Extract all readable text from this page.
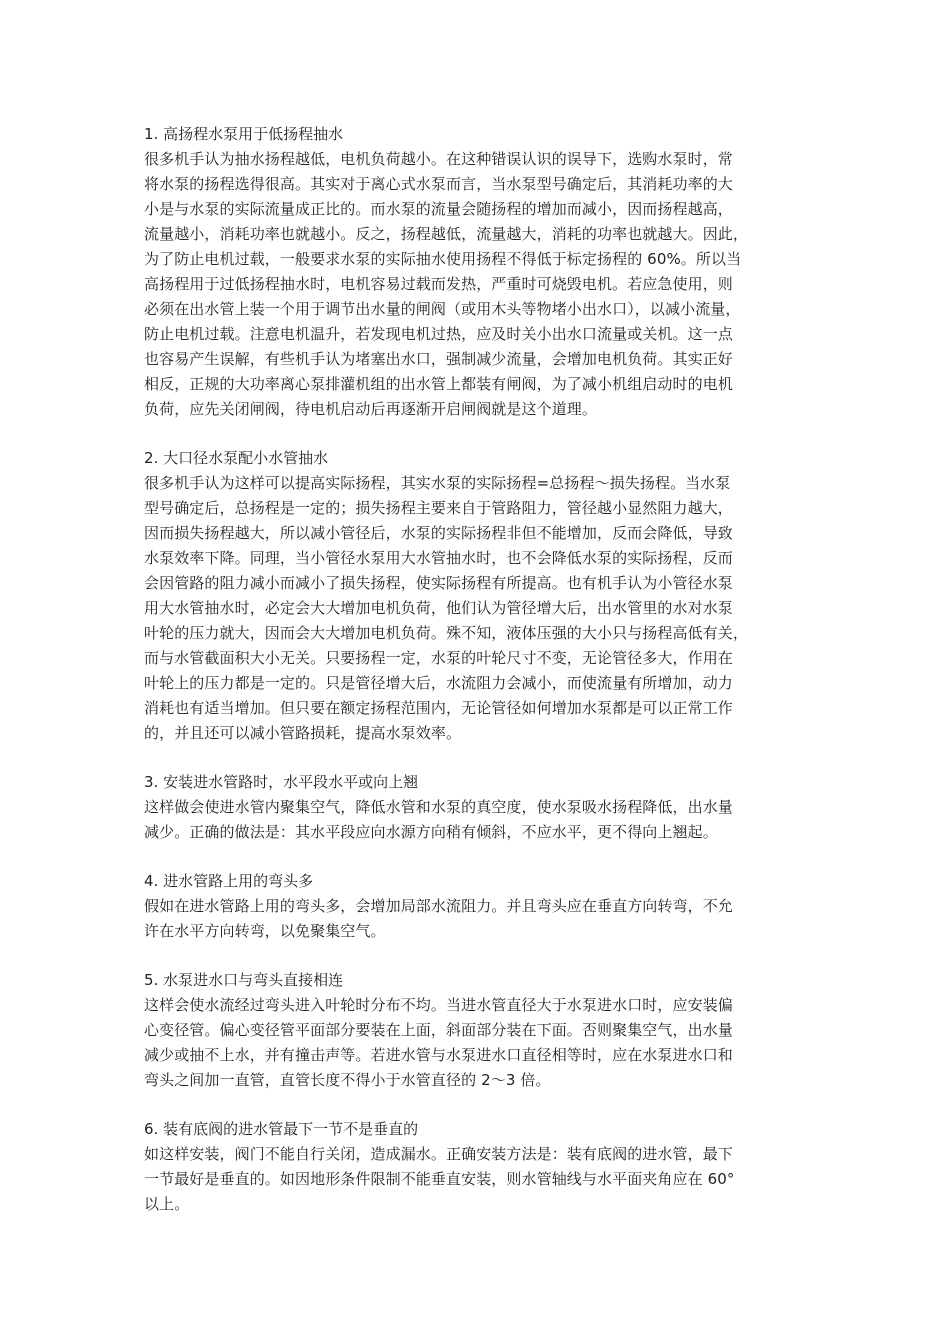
1. 高扬程水泵用于低扬程抽水
很多机手认为抽水扬程越低，电机负荷越小。在这种错误认识的误导下，选购水泵时，常
将水泵的扬程选得很高。其实对于离心式水泵而言，当水泵型号确定后，其消耗功率的大
小是与水泵的实际流量成正比的。而水泵的流量会随扬程的增加而减小，因而扬程越高，
流量越小，消耗功率也就越小。反之，扬程越低，流量越大，消耗的功率也就越大。因此，
为了防止电机过载，一般要求水泵的实际抽水使用扬程不得低于标定扬程的 60%。所以当
高扬程用于过低扬程抽水时，电机容易过载而发热，严重时可烧毁电机。若应急使用，则
必须在出水管上装一个用于调节出水量的闸阀（或用木头等物堵小出水口），以减小流量，
防止电机过载。注意电机温升，若发现电机过热，应及时关小出水口流量或关机。这一点
也容易产生误解，有些机手认为堵塞出水口，强制减少流量，会增加电机负荷。其实正好
相反，正规的大功率离心泵排灌机组的出水管上都装有闸阀，为了减小机组启动时的电机
负荷，应先关闭闸阀，待电机启动后再逐渐开启闸阀就是这个道理。
2. 大口径水泵配小水管抽水
很多机手认为这样可以提高实际扬程，其实水泵的实际扬程=总扬程～损失扬程。当水泵
型号确定后，总扬程是一定的；损失扬程主要来自于管路阻力，管径越小显然阻力越大，
因而损失扬程越大，所以减小管径后，水泵的实际扬程非但不能增加，反而会降低，导致
水泵效率下降。同理，当小管径水泵用大水管抽水时，也不会降低水泵的实际扬程，反而
会因管路的阻力减小而减小了损失扬程，使实际扬程有所提高。也有机手认为小管径水泵
用大水管抽水时，必定会大大增加电机负荷，他们认为管径增大后，出水管里的水对水泵
叶轮的压力就大，因而会大大增加电机负荷。殊不知，液体压强的大小只与扬程高低有关，
而与水管截面积大小无关。只要扬程一定，水泵的叶轮尺寸不变，无论管径多大，作用在
叶轮上的压力都是一定的。只是管径增大后，水流阻力会减小，而使流量有所增加，动力
消耗也有适当增加。但只要在额定扬程范围内，无论管径如何增加水泵都是可以正常工作
的，并且还可以减小管路损耗，提高水泵效率。
3. 安装进水管路时，水平段水平或向上翘
这样做会使进水管内聚集空气，降低水管和水泵的真空度，使水泵吸水扬程降低，出水量
减少。正确的做法是：其水平段应向水源方向稍有倾斜，不应水平，更不得向上翘起。
4. 进水管路上用的弯头多
假如在进水管路上用的弯头多，会增加局部水流阻力。并且弯头应在垂直方向转弯，不允
许在水平方向转弯，以免聚集空气。
5. 水泵进水口与弯头直接相连
这样会使水流经过弯头进入叶轮时分布不均。当进水管直径大于水泵进水口时，应安装偏
心变径管。偏心变径管平面部分要装在上面，斜面部分装在下面。否则聚集空气，出水量
减少或抽不上水，并有撞击声等。若进水管与水泵进水口直径相等时，应在水泵进水口和
弯头之间加一直管，直管长度不得小于水管直径的 2～3 倍。
6. 装有底阀的进水管最下一节不是垂直的
如这样安装，阀门不能自行关闭，造成漏水。正确安装方法是：装有底阀的进水管，最下
一节最好是垂直的。如因地形条件限制不能垂直安装，则水管轴线与水平面夹角应在 60°
以上。
